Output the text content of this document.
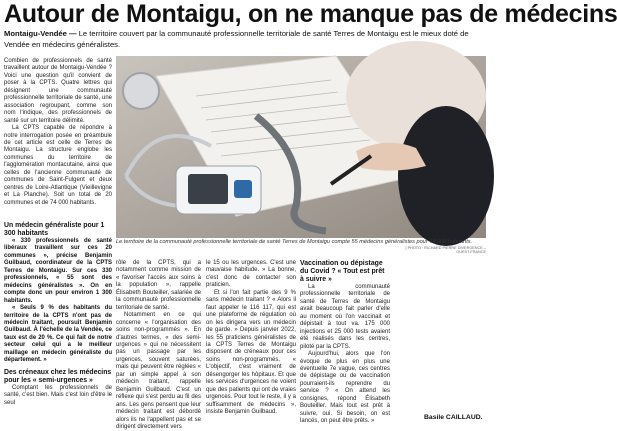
Autour de Montaigu, on ne manque pas de médecins
Montaigu-Vendée — Le territoire couvert par la communauté professionnelle territoriale de santé Terres de Montaigu est le mieux doté de Vendée en médecins généralistes.

Combien de professionnels de santé travaillent autour de Montaigu-Vendée ? Voici une question qu'il convient de poser à la CPTS. Quatre lettres qui désignent une communauté professionnelle territoriale de santé, une association regroupant, comme son nom l'indique, des professionnels de santé sur un territoire délimité.

La CPTS capable de répondre à notre interrogation posée en préambule de cet article est celle de Terres de Montaigu. La structure englobe les communes du territoire de l'agglomération montacutaine, ainsi que celles de l'ancienne communauté de communes de Saint-Fulgent et deux centres de Loire-Atlantique (Vieillevigne et La Planche). Soit un total de 20 communes et de 74 000 habitants.

Un médecin généraliste pour 1 300 habitants

« 330 professionnels de santé libéraux travaillent sur ces 20 communes », précise Benjamin Guilbaud, coordinateur de la CPTS Terres de Montaigu. Sur ces 330 professionnels, « 55 sont des médecins généralistes ». On en compte donc un pour environ 1 300 habitants.

« Seuls 9 % des habitants du territoire de la CPTS n'ont pas de médecin traitant, poursuit Benjamin Guilbaud. À l'échelle de la Vendée, ce taux est de 20 %. Ce qui fait de notre secteur celui qui a le meilleur maillage en médecin généraliste du département. »

Des créneaux chez les médecins pour les « semi-urgences »

Comptant les professionnels de santé, c'est bien. Mais c'est loin d'être le seul

Le territoire de la communauté professionnelle territoriale de santé Terres de Montaigu compte 55 médecins généralistes pour 74 000 habitants.
| PHOTO : RICHARD PIERRE DIVERGENCE – OUEST-FRANCE

rôle de la CPTS, qui a notamment comme mission de « favoriser l'accès aux soins à la population », rappelle Élisabeth Bouteiller, salariée de la communauté professionnelle territoriale de santé.

Notamment en ce qui concerne « l'organisation des soins non-programmés ». En d'autres termes, « des semi-urgences » qui ne nécessitent pas un passage par les urgences, souvent saturées, mais qui peuvent être réglées « par un simple appel à son médecin traitant, rappelle Benjamin Guilbaud. C'est un réflexe qui s'est perdu au fil des ans. Les gens pensent que leur médecin traitant est débordé alors ils ne l'appellent pas et se dirigent directement vers

le 15 ou les urgences. C'est une mauvaise habitude. » La bonne, c'est donc de contacter son praticien.

Et si l'on fait partie des 9 % sans médecin traitant ? « Alors il faut appeler le 116 117, qui est une plateforme de régulation où on les dirigera vers un médecin de garde. » Depuis janvier 2022, les 55 praticiens généralistes de la CPTS Terres de Montaigu disposent de créneaux pour ces soins non-programmés. « L'objectif, c'est vraiment de désengorger les hôpitaux. Et que les services d'urgences ne voient que des patients qui ont de vraies urgences. Pour tout le reste, il y a suffisamment de médecins », insiste Benjamin Guilbaud.

Vaccination ou dépistage du Covid ? « Tout est prêt à suivre »

La communauté professionnelle territoriale de santé de Terres de Montaigu avait beaucoup fait parler d'elle au moment où l'on vaccinait et dépistait à tout va. 175 000 injections et 25 000 tests avaient été réalisés dans les centres, piloté par la CPTS.

Aujourd'hui, alors que l'on évoque de plus en plus une éventuelle 7e vague, ces centres de dépistage ou de vaccination pourraient-ils reprendre du service ? « On attend les consignes, répond Élisabeth Bouteiller. Mais tout est prêt à suivre, oui. Si besoin, on est lancés, on peut être prêts. »

Basile CAILLAUD.
